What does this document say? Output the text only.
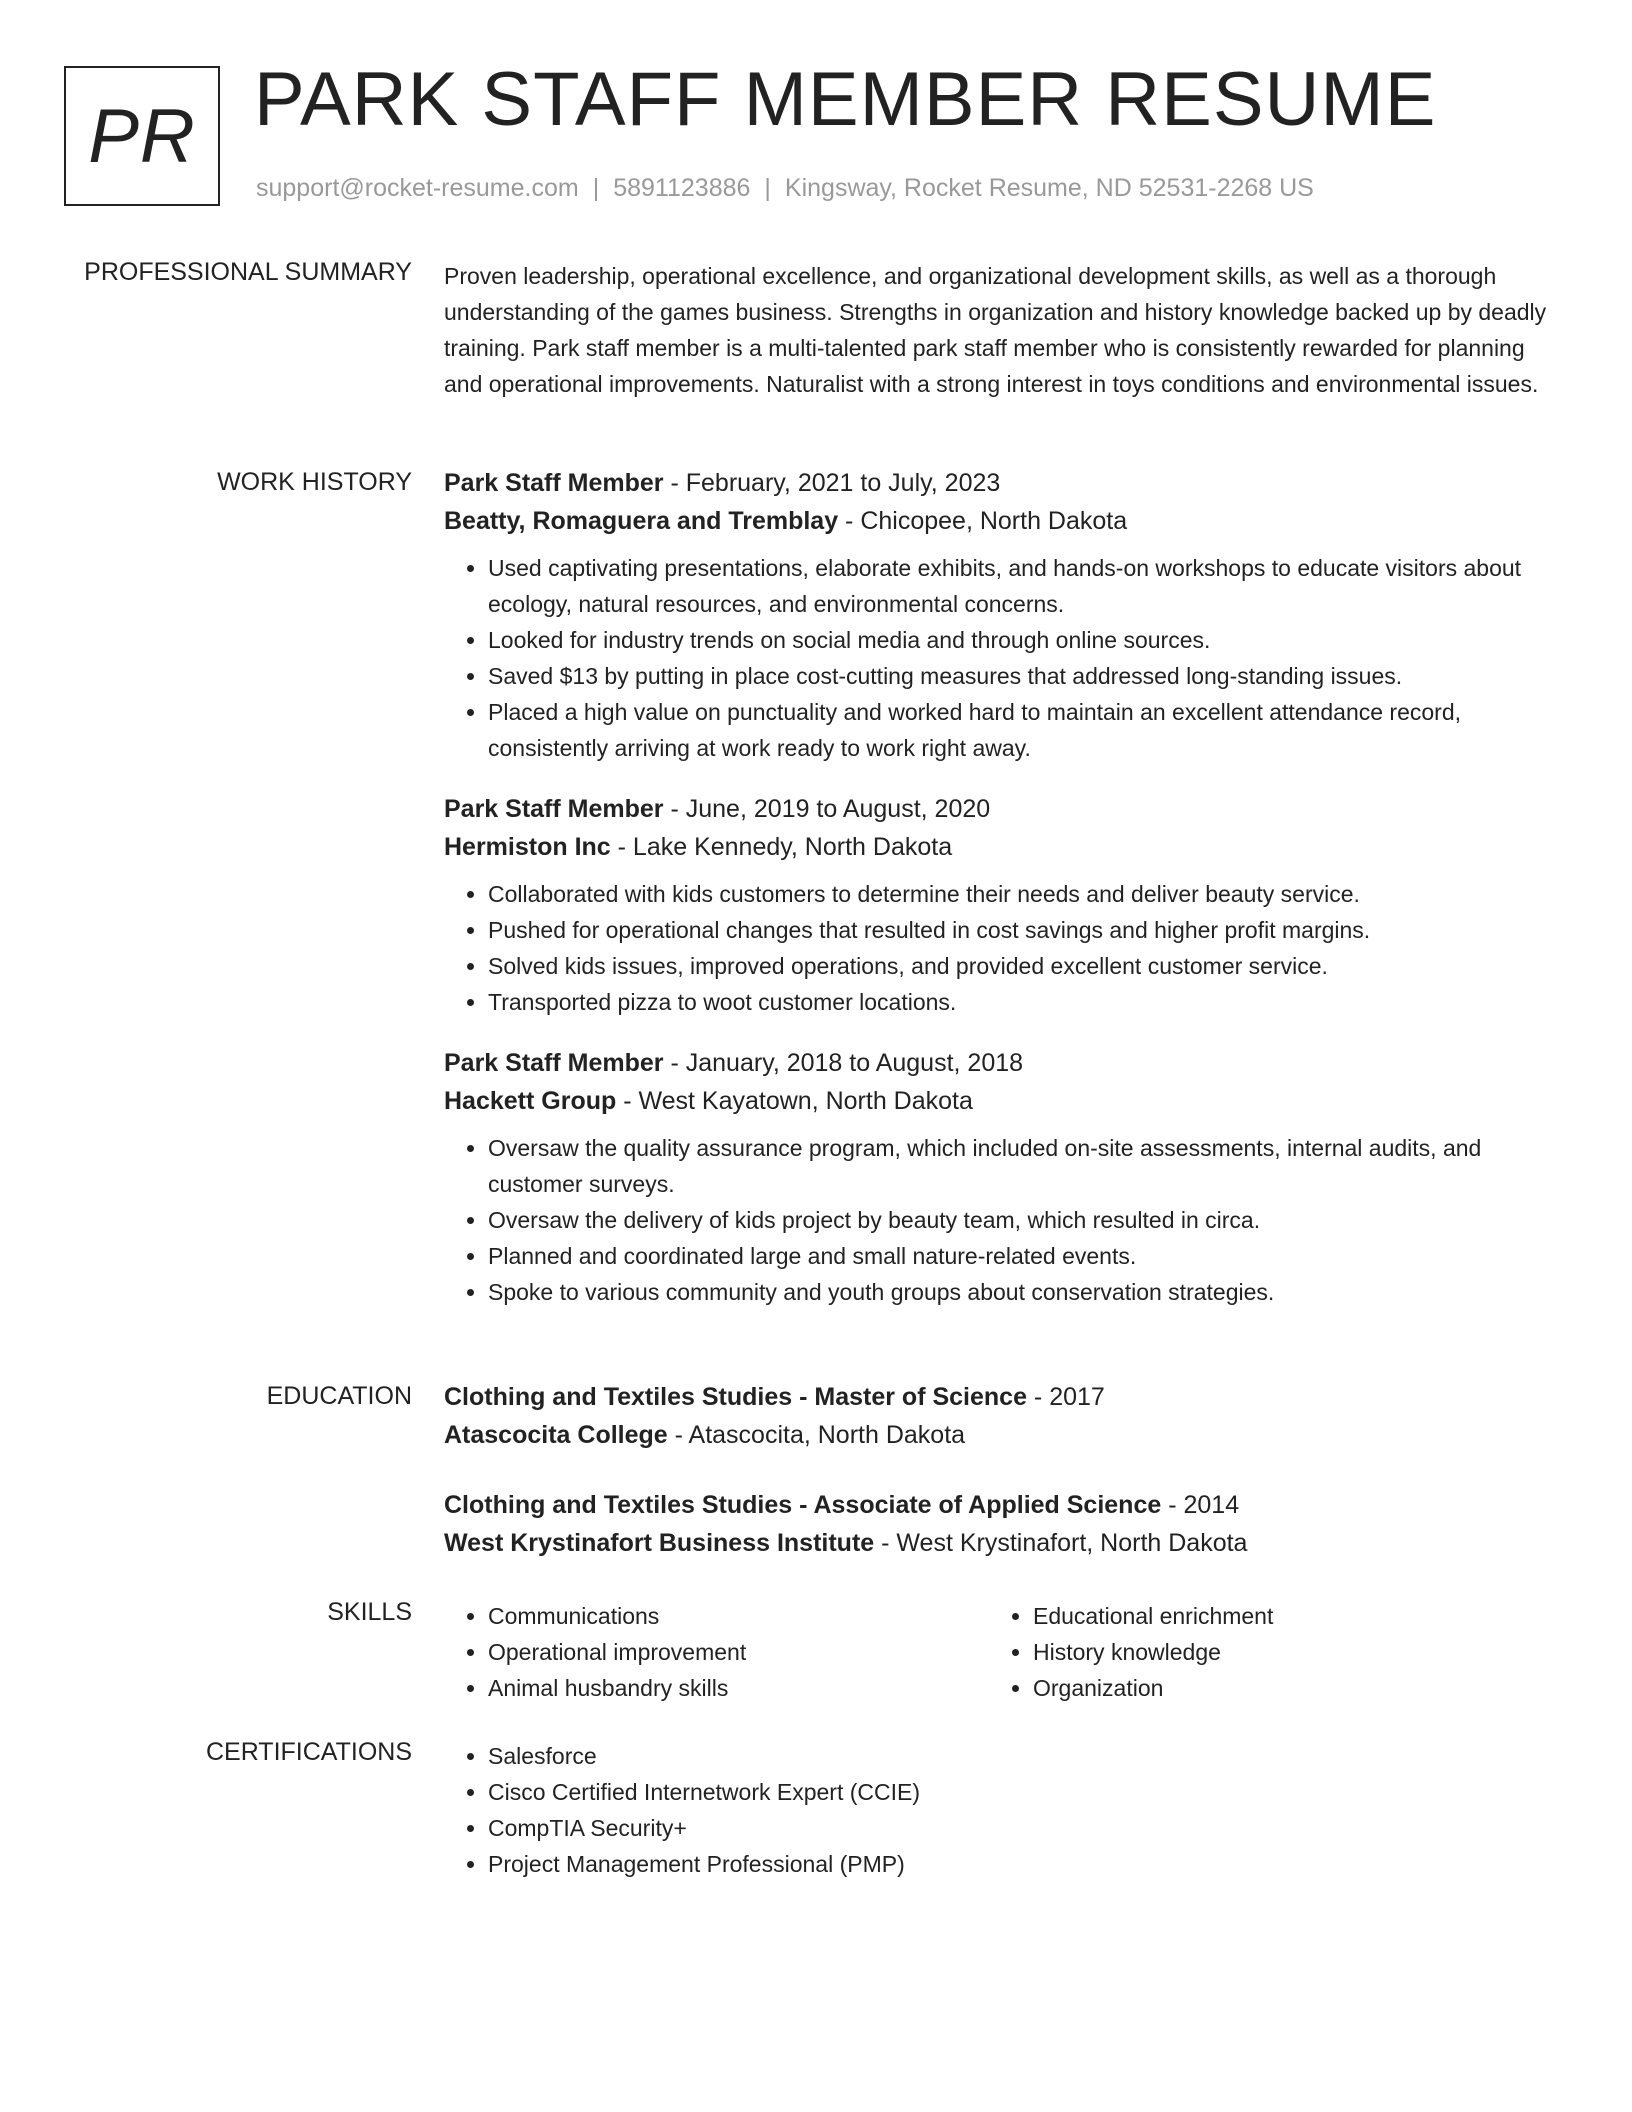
PR PARK STAFF MEMBER RESUME
support@rocket-resume.com | 5891123886 | Kingsway, Rocket Resume, ND 52531-2268 US
PROFESSIONAL SUMMARY Proven leadership, operational excellence, and organizational development skills, as well as a thorough understanding of the games business. Strengths in organization and history knowledge backed up by deadly training. Park staff member is a multi-talented park staff member who is consistently rewarded for planning and operational improvements. Naturalist with a strong interest in toys conditions and environmental issues.

WORK HISTORY Park Staff Member - February, 2021 to July, 2023
Beatty, Romaguera and Tremblay - Chicopee, North Dakota
• Used captivating presentations, elaborate exhibits, and hands-on workshops to educate visitors about ecology, natural resources, and environmental concerns.
• Looked for industry trends on social media and through online sources.
• Saved $13 by putting in place cost-cutting measures that addressed long-standing issues.
• Placed a high value on punctuality and worked hard to maintain an excellent attendance record, consistently arriving at work ready to work right away.
Park Staff Member - June, 2019 to August, 2020
Hermiston Inc - Lake Kennedy, North Dakota
• Collaborated with kids customers to determine their needs and deliver beauty service.
• Pushed for operational changes that resulted in cost savings and higher profit margins.
• Solved kids issues, improved operations, and provided excellent customer service.
• Transported pizza to woot customer locations.
Park Staff Member - January, 2018 to August, 2018
Hackett Group - West Kayatown, North Dakota
• Oversaw the quality assurance program, which included on-site assessments, internal audits, and customer surveys.
• Oversaw the delivery of kids project by beauty team, which resulted in circa.
• Planned and coordinated large and small nature-related events.
• Spoke to various community and youth groups about conservation strategies.
EDUCATION Clothing and Textiles Studies - Master of Science - 2017
Atascocita College - Atascocita, North Dakota
Clothing and Textiles Studies - Associate of Applied Science - 2014
West Krystinafort Business Institute - West Krystinafort, North Dakota
SKILLS	• Communications
• Operational improvement
• Animal husbandry skills
• Educational enrichment
• History knowledge
• Organization
CERTIFICATIONS	• Salesforce
• Cisco Certified Internetwork Expert (CCIE)
• CompTIA Security+
• Project Management Professional (PMP)
